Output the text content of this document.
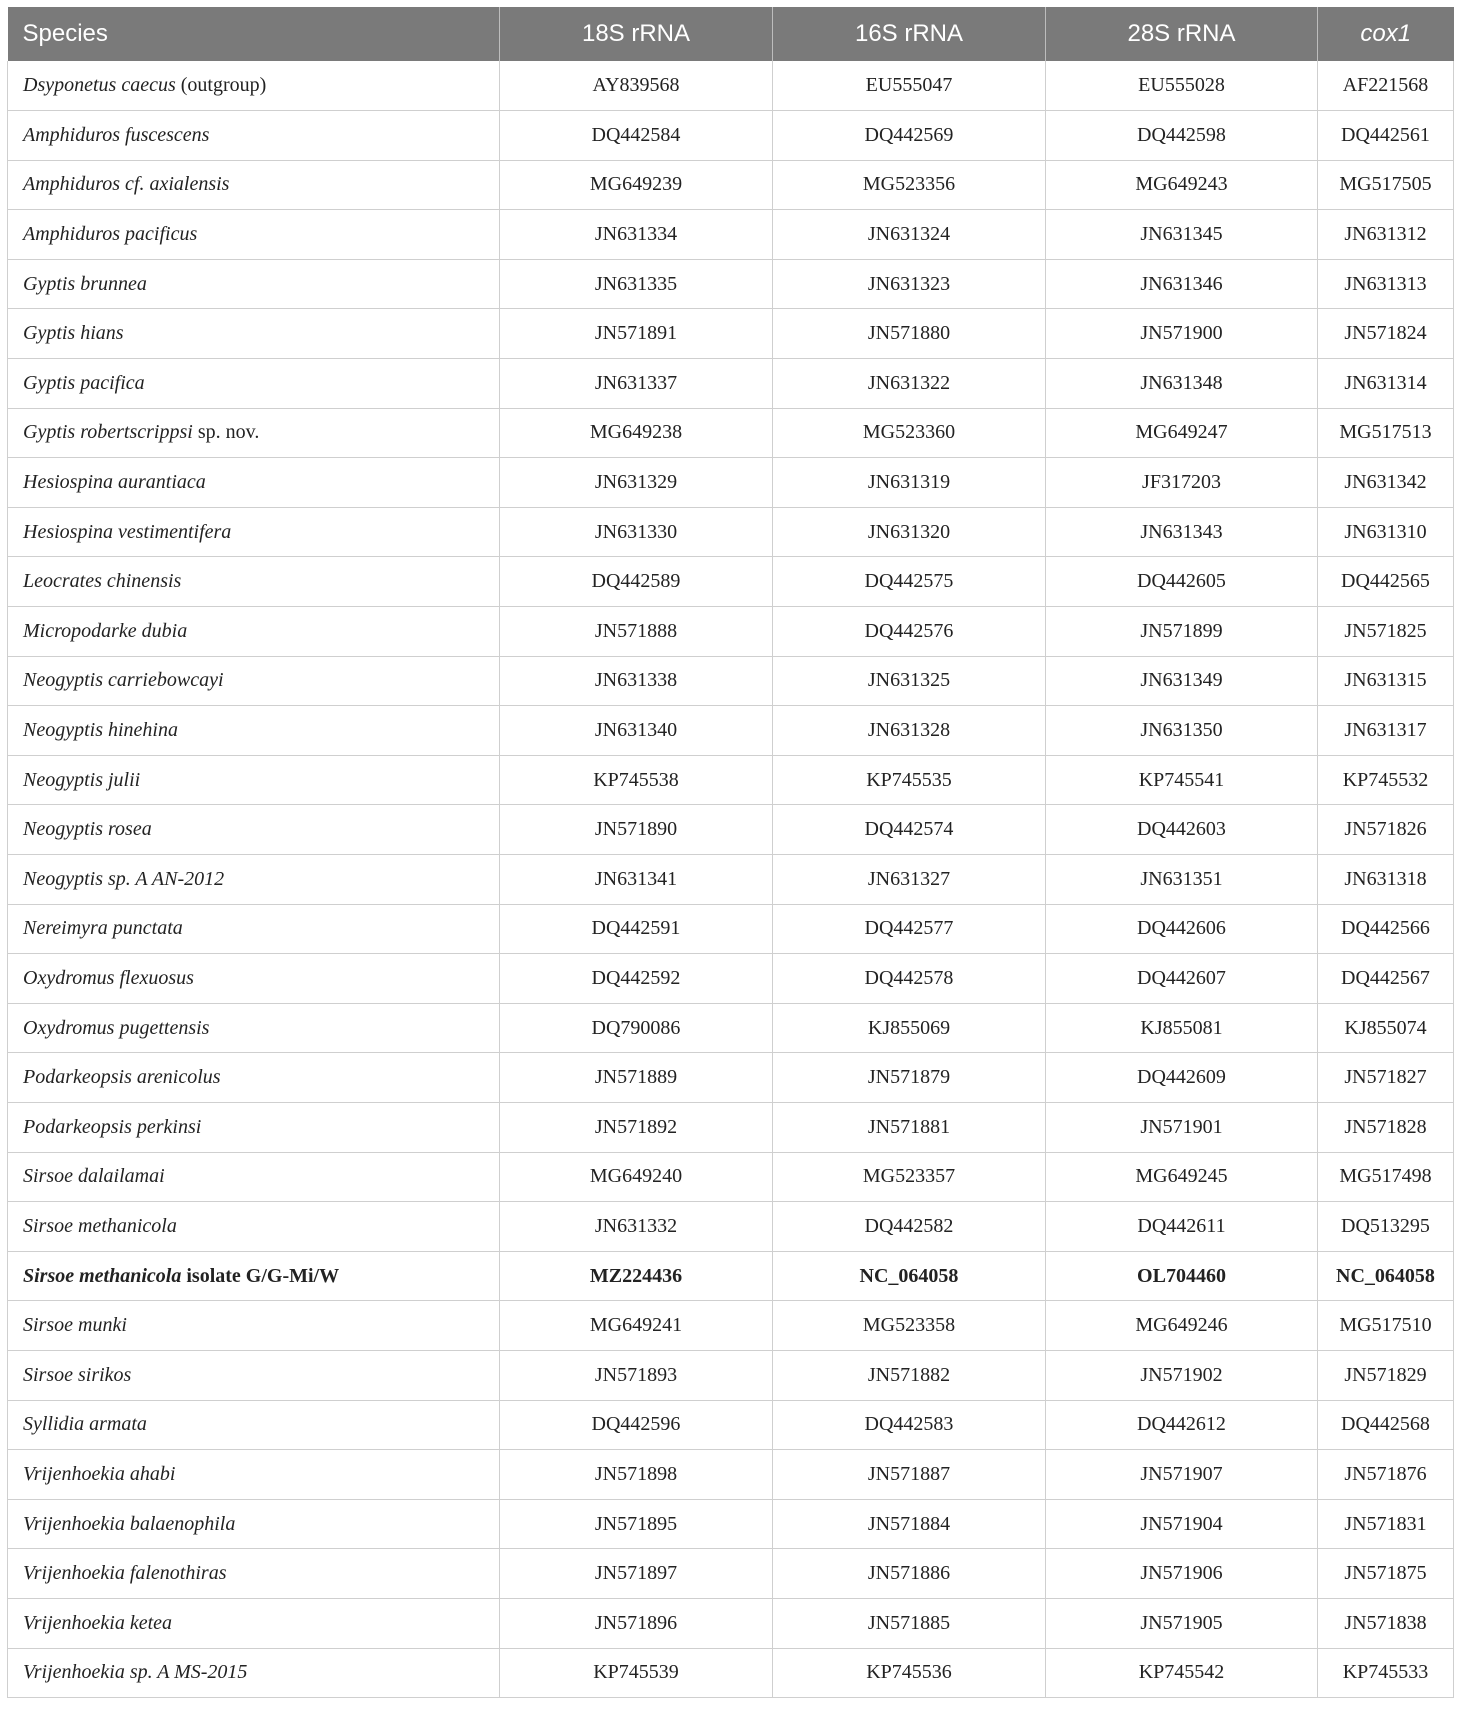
Species	18S rRNA	16S rRNA	28S rRNA	cox1
Dsyponetus caecus (outgroup)	AY839568	EU555047	EU555028	AF221568
Amphiduros fuscescens	DQ442584	DQ442569	DQ442598	DQ442561
Amphiduros cf. axialensis	MG649239	MG523356	MG649243	MG517505
Amphiduros pacificus	JN631334	JN631324	JN631345	JN631312
Gyptis brunnea	JN631335	JN631323	JN631346	JN631313
Gyptis hians	JN571891	JN571880	JN571900	JN571824
Gyptis pacifica	JN631337	JN631322	JN631348	JN631314
Gyptis robertscrippsi sp. nov.	MG649238	MG523360	MG649247	MG517513
Hesiospina aurantiaca	JN631329	JN631319	JF317203	JN631342
Hesiospina vestimentifera	JN631330	JN631320	JN631343	JN631310
Leocrates chinensis	DQ442589	DQ442575	DQ442605	DQ442565
Micropodarke dubia	JN571888	DQ442576	JN571899	JN571825
Neogyptis carriebowcayi	JN631338	JN631325	JN631349	JN631315
Neogyptis hinehina	JN631340	JN631328	JN631350	JN631317
Neogyptis julii	KP745538	KP745535	KP745541	KP745532
Neogyptis rosea	JN571890	DQ442574	DQ442603	JN571826
Neogyptis sp. A AN-2012	JN631341	JN631327	JN631351	JN631318
Nereimyra punctata	DQ442591	DQ442577	DQ442606	DQ442566
Oxydromus flexuosus	DQ442592	DQ442578	DQ442607	DQ442567
Oxydromus pugettensis	DQ790086	KJ855069	KJ855081	KJ855074
Podarkeopsis arenicolus	JN571889	JN571879	DQ442609	JN571827
Podarkeopsis perkinsi	JN571892	JN571881	JN571901	JN571828
Sirsoe dalailamai	MG649240	MG523357	MG649245	MG517498
Sirsoe methanicola	JN631332	DQ442582	DQ442611	DQ513295
Sirsoe methanicola isolate G/G-Mi/W	MZ224436	NC_064058	OL704460	NC_064058
Sirsoe munki	MG649241	MG523358	MG649246	MG517510
Sirsoe sirikos	JN571893	JN571882	JN571902	JN571829
Syllidia armata	DQ442596	DQ442583	DQ442612	DQ442568
Vrijenhoekia ahabi	JN571898	JN571887	JN571907	JN571876
Vrijenhoekia balaenophila	JN571895	JN571884	JN571904	JN571831
Vrijenhoekia falenothiras	JN571897	JN571886	JN571906	JN571875
Vrijenhoekia ketea	JN571896	JN571885	JN571905	JN571838
Vrijenhoekia sp. A MS-2015	KP745539	KP745536	KP745542	KP745533
